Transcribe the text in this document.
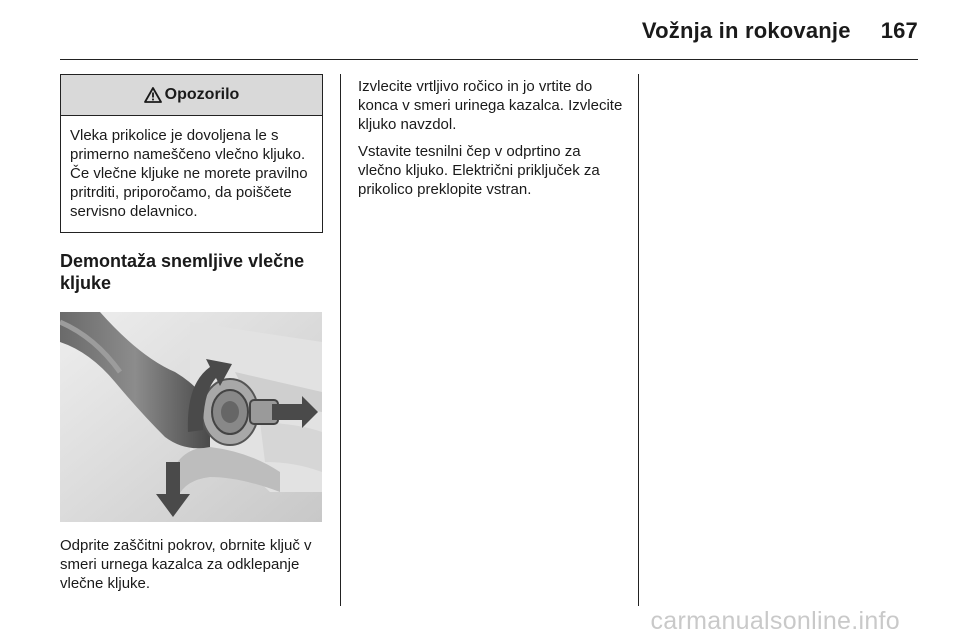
Vožnja in rokovanje 167
Opozorilo
Vleka prikolice je dovoljena le s primerno nameščeno vlečno kljuko. Če vlečne kljuke ne morete pravilno pritrditi, priporočamo, da poiščete servisno delavnico.
Demontaža snemljive vlečne kljuke
Odprite zaščitni pokrov, obrnite ključ v smeri urnega kazalca za odklepanje vlečne kljuke.

Izvlecite vrtljivo ročico in jo vrtite do konca v smeri urinega kazalca. Izvlecite kljuko navzdol.

Vstavite tesnilni čep v odprtino za vlečno kljuko. Električni priključek za prikolico preklopite vstran.

carmanualsonline.info
